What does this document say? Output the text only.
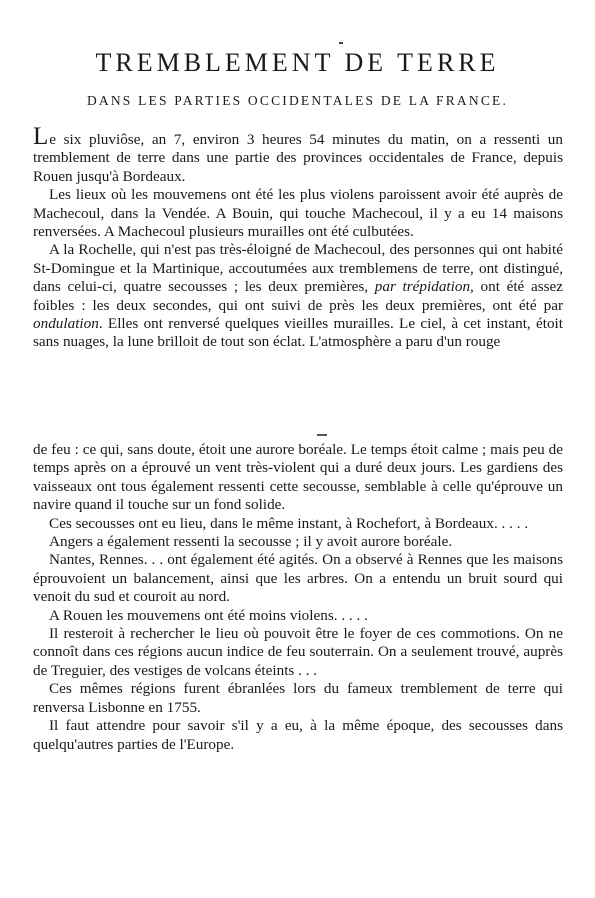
TREMBLEMENT DE TERRE
DANS LES PARTIES OCCIDENTALES DE LA FRANCE.

Le six pluviôse, an 7, environ 3 heures 54 minutes du matin, on a ressenti un tremblement de terre dans une partie des provinces occidentales de France, depuis Rouen jusqu'à Bordeaux.

Les lieux où les mouvemens ont été les plus violens paroissent avoir été auprès de Machecoul, dans la Vendée. A Bouin, qui touche Machecoul, il y a eu 14 maisons renversées. A Machecoul plusieurs murailles ont été culbutées.

A la Rochelle, qui n'est pas très-éloigné de Machecoul, des personnes qui ont habité St-Domingue et la Martinique, accoutumées aux tremblemens de terre, ont distingué, dans celui-ci, quatre secousses ; les deux premières, par trépidation, ont été assez foibles : les deux secondes, qui ont suivi de près les deux premières, ont été par ondulation. Elles ont renversé quelques vieilles murailles. Le ciel, à cet instant, étoit sans nuages, la lune brilloit de tout son éclat. L'atmosphère a paru d'un rouge

de feu : ce qui, sans doute, étoit une aurore boréale. Le temps étoit calme ; mais peu de temps après on a éprouvé un vent très-violent qui a duré deux jours. Les gardiens des vaisseaux ont tous également ressenti cette secousse, semblable à celle qu'éprouve un navire quand il touche sur un fond solide.

Ces secousses ont eu lieu, dans le même instant, à Rochefort, à Bordeaux. . . . .

Angers a également ressenti la secousse ; il y avoit aurore boréale.

Nantes, Rennes. . . ont également été agités. On a observé à Rennes que les maisons éprouvoient un balancement, ainsi que les arbres. On a entendu un bruit sourd qui venoit du sud et couroit au nord.

A Rouen les mouvemens ont été moins violens. . . . .

Il resteroit à rechercher le lieu où pouvoit être le foyer de ces commotions. On ne connoît dans ces régions aucun indice de feu souterrain. On a seulement trouvé, auprès de Treguier, des vestiges de volcans éteints . . .

Ces mêmes régions furent ébranlées lors du fameux tremblement de terre qui renversa Lisbonne en 1755.

Il faut attendre pour savoir s'il y a eu, à la même époque, des secousses dans quelqu'autres parties de l'Europe.
